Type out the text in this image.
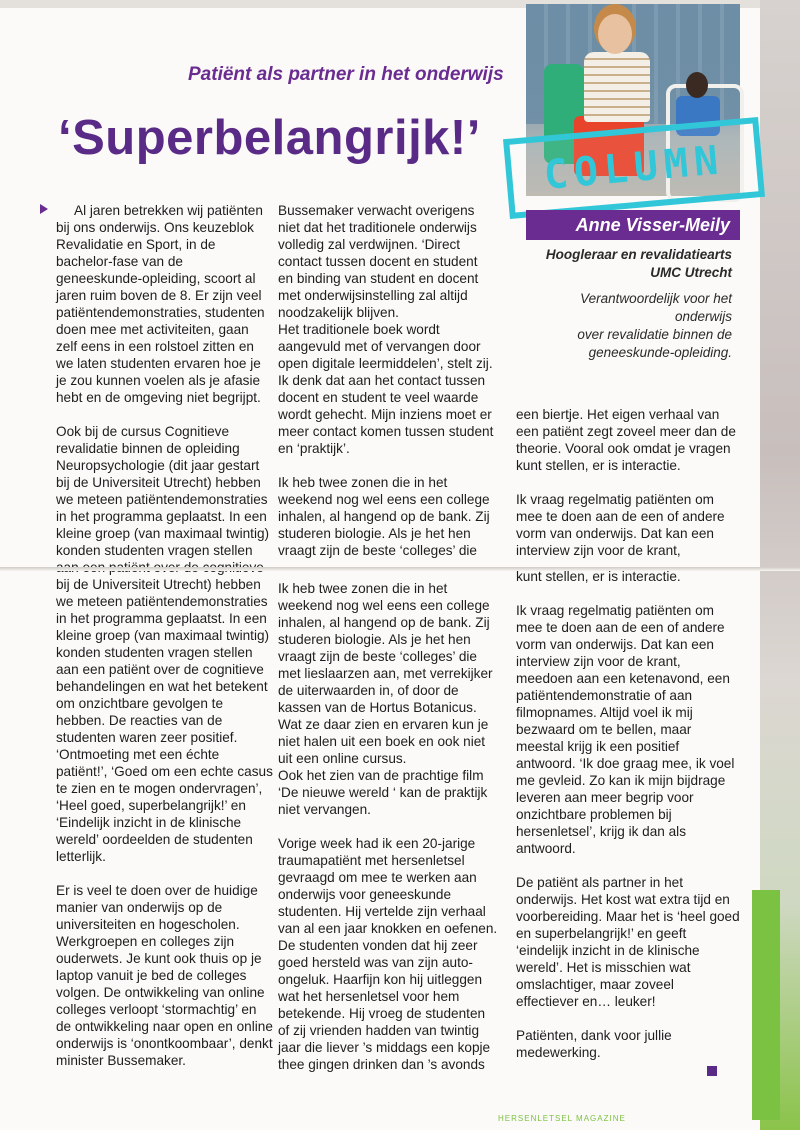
Patiënt als partner in het onderwijs
‘Superbelangrijk!’ COLUMN
Anne Visser-Meily
Hoogleraar en revalidatiearts
UMC Utrecht
Verantwoordelijk voor het onderwijs
over revalidatie binnen de
geneeskunde-opleiding.

Al jaren betrekken wij patiënten bij ons onderwijs. Ons keuzeblok Revalidatie en Sport, in de bachelor-fase van de geneeskunde-opleiding, scoort al jaren ruim boven de 8. Er zijn veel patiëntendemonstraties, studenten doen mee met activiteiten, gaan zelf eens in een rolstoel zitten en we laten studenten ervaren hoe je je zou kunnen voelen als je afasie hebt en de omgeving niet begrijpt.

Ook bij de cursus Cognitieve revalidatie binnen de opleiding Neuropsychologie (dit jaar gestart bij de Universiteit Utrecht) hebben we meteen patiëntendemonstraties in het programma geplaatst. In een kleine groep (van maximaal twintig) konden studenten vragen stellen

Bussemaker verwacht overigens niet dat het traditionele onderwijs volledig zal verdwijnen. ‘Direct contact tussen docent en student en binding van student en docent met onderwijsinstelling zal altijd noodzakelijk blijven.

Het traditionele boek wordt aangevuld met of vervangen door open digitale leermiddelen’, stelt zij. Ik denk dat aan het contact tussen docent en student te veel waarde wordt gehecht. Mijn inziens moet er meer contact komen tussen student en ‘praktijk’.

Ik heb twee zonen die in het weekend nog wel eens een college inhalen, al hangend op de bank. Zij studeren biologie. Als je het hen vraagt zijn de beste ‘colleges’ die

een biertje. Het eigen verhaal van een patiënt zegt zoveel meer dan de theorie. Vooral ook omdat je vragen kunt stellen, er is interactie.

Ik vraag regelmatig patiënten om mee te doen aan de een of andere vorm van onderwijs. Dat kan een interview zijn voor de krant,

bij de Universiteit Utrecht) hebben we meteen patiëntendemonstraties in het programma geplaatst. In een kleine groep (van maximaal twintig) konden studenten vragen stellen aan een patiënt over de cognitieve behandelingen en wat het betekent om onzichtbare gevolgen te hebben. De reacties van de studenten waren zeer positief. ‘Ontmoeting met een échte patiënt!’, ‘Goed om een echte casus te zien en te mogen ondervragen’, ‘Heel goed, superbelangrijk!’ en ‘Eindelijk inzicht in de klinische wereld’ oordeelden de studenten letterlijk.

Er is veel te doen over de huidige manier van onderwijs op de universiteiten en hogescholen. Werkgroepen en colleges zijn ouderwets. Je kunt ook thuis op je laptop vanuit je bed de colleges volgen. De ontwikkeling van online colleges verloopt ‘stormachtig’ en de ontwikkeling naar open en online onderwijs is ‘onontkoombaar’, denkt minister Bussemaker.

Ik heb twee zonen die in het weekend nog wel eens een college inhalen, al hangend op de bank. Zij studeren biologie. Als je het hen vraagt zijn de beste ‘colleges’ die met lieslaarzen aan, met verrekijker de uiterwaarden in, of door de kassen van de Hortus Botanicus. Wat ze daar zien en ervaren kun je niet halen uit een boek en ook niet uit een online cursus.

Ook het zien van de prachtige film ‘De nieuwe wereld ‘ kan de praktijk niet vervangen.

Vorige week had ik een 20-jarige traumapatiënt met hersenletsel gevraagd om mee te werken aan onderwijs voor geneeskunde studenten. Hij vertelde zijn verhaal van al een jaar knokken en oefenen. De studenten vonden dat hij zeer goed hersteld was van zijn auto-ongeluk. Haarfijn kon hij uitleggen wat het hersenletsel voor hem betekende. Hij vroeg de studenten of zij vrienden hadden van twintig jaar die liever ’s middags een kopje thee gingen drinken dan ’s avonds

kunt stellen, er is interactie.

Ik vraag regelmatig patiënten om mee te doen aan de een of andere vorm van onderwijs. Dat kan een interview zijn voor de krant, meedoen aan een ketenavond, een patiëntendemonstratie of aan filmopnames. Altijd voel ik mij bezwaard om te bellen, maar meestal krijg ik een positief antwoord. ‘Ik doe graag mee, ik voel me gevleid. Zo kan ik mijn bijdrage leveren aan meer begrip voor onzichtbare problemen bij hersenletsel’, krijg ik dan als antwoord.

De patiënt als partner in het onderwijs. Het kost wat extra tijd en voorbereiding. Maar het is ‘heel goed en superbelangrijk!’ en geeft ‘eindelijk inzicht in de klinische wereld’. Het is misschien wat omslachtiger, maar zoveel effectiever en… leuker!

Patiënten, dank voor jullie medewerking.

HERSENLETSEL MAGAZINE
